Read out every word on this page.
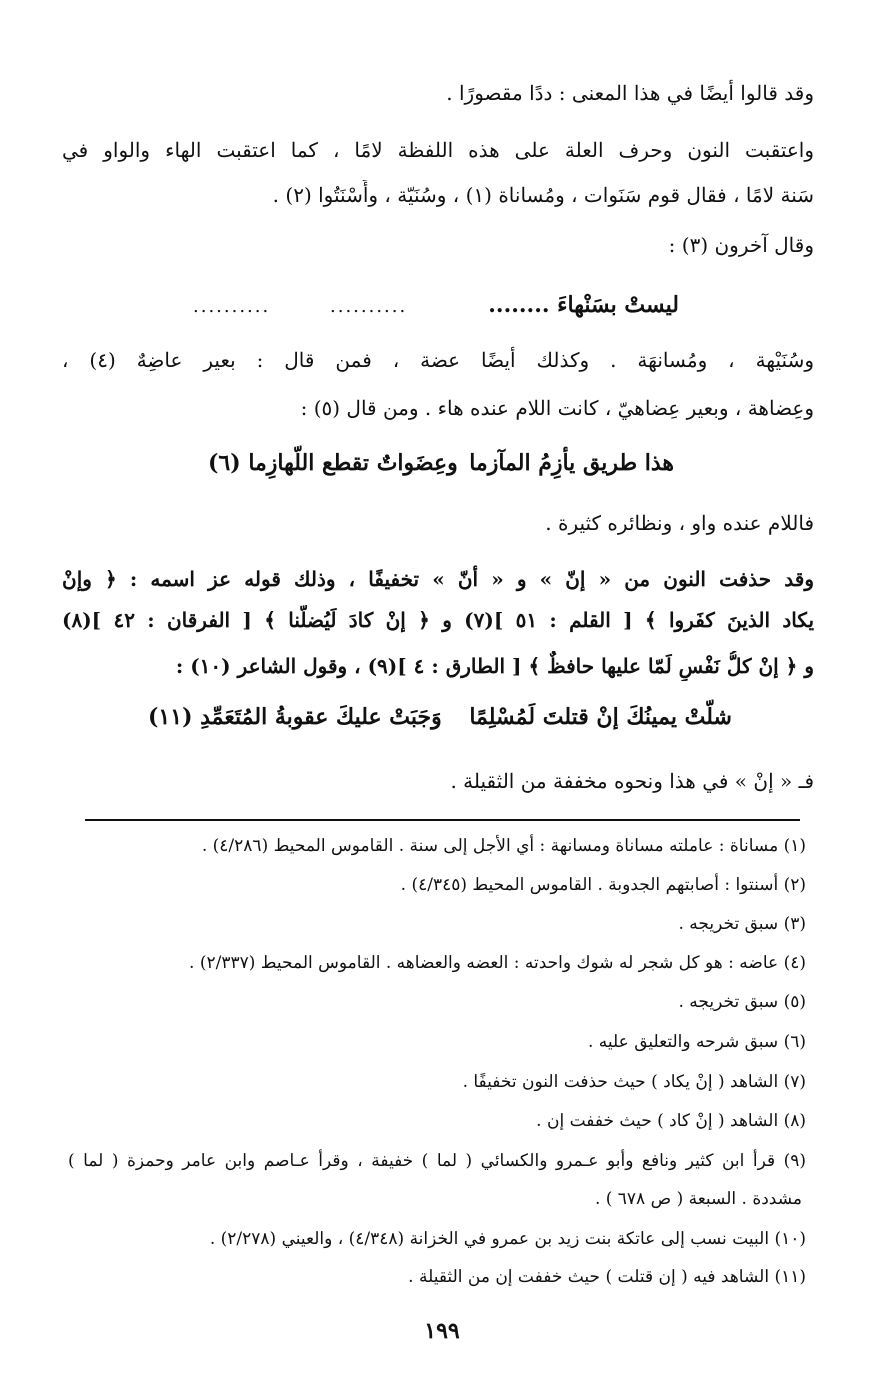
وقد قالوا أيضًا في هذا المعنى : ددًا مقصورًا .
واعتقبت النون وحرف العلة على هذه اللفظة لامًا ، كما اعتقبت الهاء والواو في
سَنة لامًا ، فقال قوم سَنَوات ، ومُساناة (١) ، وسُنَيّة ، وأَسْنَتُوا (٢) .
وقال آخرون (٣) :
ليستْ بسَنْهاءَ ........
..........
..........
وسُنَيْهة ، ومُسانهَة . وكذلك أيضًا عضة ، فمن قال : بعير عاضِهٌ (٤) ،
وعِضاهة ، وبعير عِضاهيّ ، كانت اللام عنده هاء . ومن قال (٥) :
هذا طريق يأزِمُ المآزما
وعِضَواتٌ تقطع اللّهازِما (٦)
فاللام عنده واو ، ونظائره كثيرة .
وقد حذفت النون من « إنّ » و « أنّ » تخفيفًا ، وذلك قوله عز اسمه : ﴿ وإنْ
يكاد الذينَ كفَروا ﴾ [ القلم : ٥١ ](٧) و ﴿ إنْ كادَ لَيُضلُّنا ﴾ [ الفرقان : ٤٢ ](٨)
و ﴿ إنْ كلُّ نَفْسٍ لَمّا عليها حافظٌ ﴾ [ الطارق : ٤ ](٩) ، وقول الشاعر (١٠) :
شلّتْ يمينُكَ إنْ قتلتَ لَمُسْلِمًا
وَجَبَتْ عليكَ عقوبةُ المُتَعَمِّدِ (١١)
فـ « إنْ » في هذا ونحوه مخففة من الثقيلة .
(١) مساناة : عاملته مساناة ومسانهة : أي الأجل إلى سنة . القاموس المحيط (٤/٢٨٦) .
(٢) أسنتوا : أصابتهم الجدوبة . القاموس المحيط (٤/٣٤٥) .
(٣) سبق تخريجه .
(٤) عاضه : هو كل شجر له شوك واحدته : العضه والعضاهه . القاموس المحيط (٢/٣٣٧) .
(٥) سبق تخريجه .
(٦) سبق شرحه والتعليق عليه .
(٧) الشاهد ( إنْ يكاد ) حيث حذفت النون تخفيفًا .
(٨) الشاهد ( إنْ كاد ) حيث خففت إن .
(٩) قرأ ابن كثير ونافع وأبو عـمرو والكسائي ( لما ) خفيفة ، وقرأ عـاصم وابن عامر وحمزة ( لما )
مشددة . السبعة ( ص ٦٧٨ ) .
(١٠) البيت نسب إلى عاتكة بنت زيد بن عمرو في الخزانة (٤/٣٤٨) ، والعيني (٢/٢٧٨) .
(١١) الشاهد فيه ( إن قتلت ) حيث خففت إن من الثقيلة .
١٩٩
